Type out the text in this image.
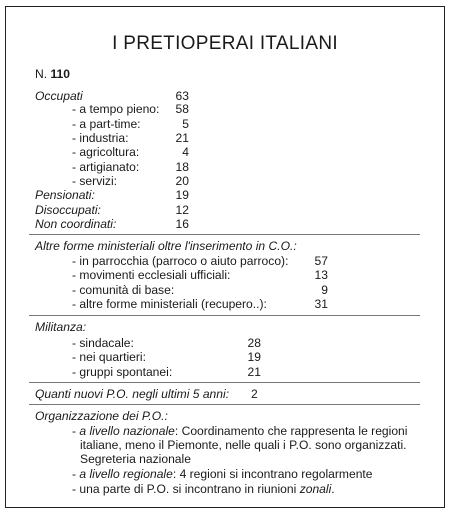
I PRETIOPERAI ITALIANI
N. 110
Occupati	63
- a tempo pieno:	58
- a part-time:	5
- industria:	21
- agricoltura:	4
- artigianato:	18
- servizi:	20
Pensionati:	19
Disoccupati:	12
Non coordinati:	16
Altre forme ministeriali oltre l'inserimento in C.O.:
- in parrocchia (parroco o aiuto parroco):	57
- movimenti ecclesiali ufficiali:	13
- comunità di base:	9
- altre forme ministeriali (recupero..):	31
Militanza:
- sindacale:	28
- nei quartieri:	19
- gruppi spontanei:	21
Quanti nuovi P.O. negli ultimi 5 anni: 2
Organizzazione dei P.O.:
- a livello nazionale: Coordinamento che rappresenta le regioni
italiane, meno il Piemonte, nelle quali i P.O. sono organizzati.
Segreteria nazionale
- a livello regionale: 4 regioni si incontrano regolarmente
- una parte di P.O. si incontrano in riunioni zonali.
